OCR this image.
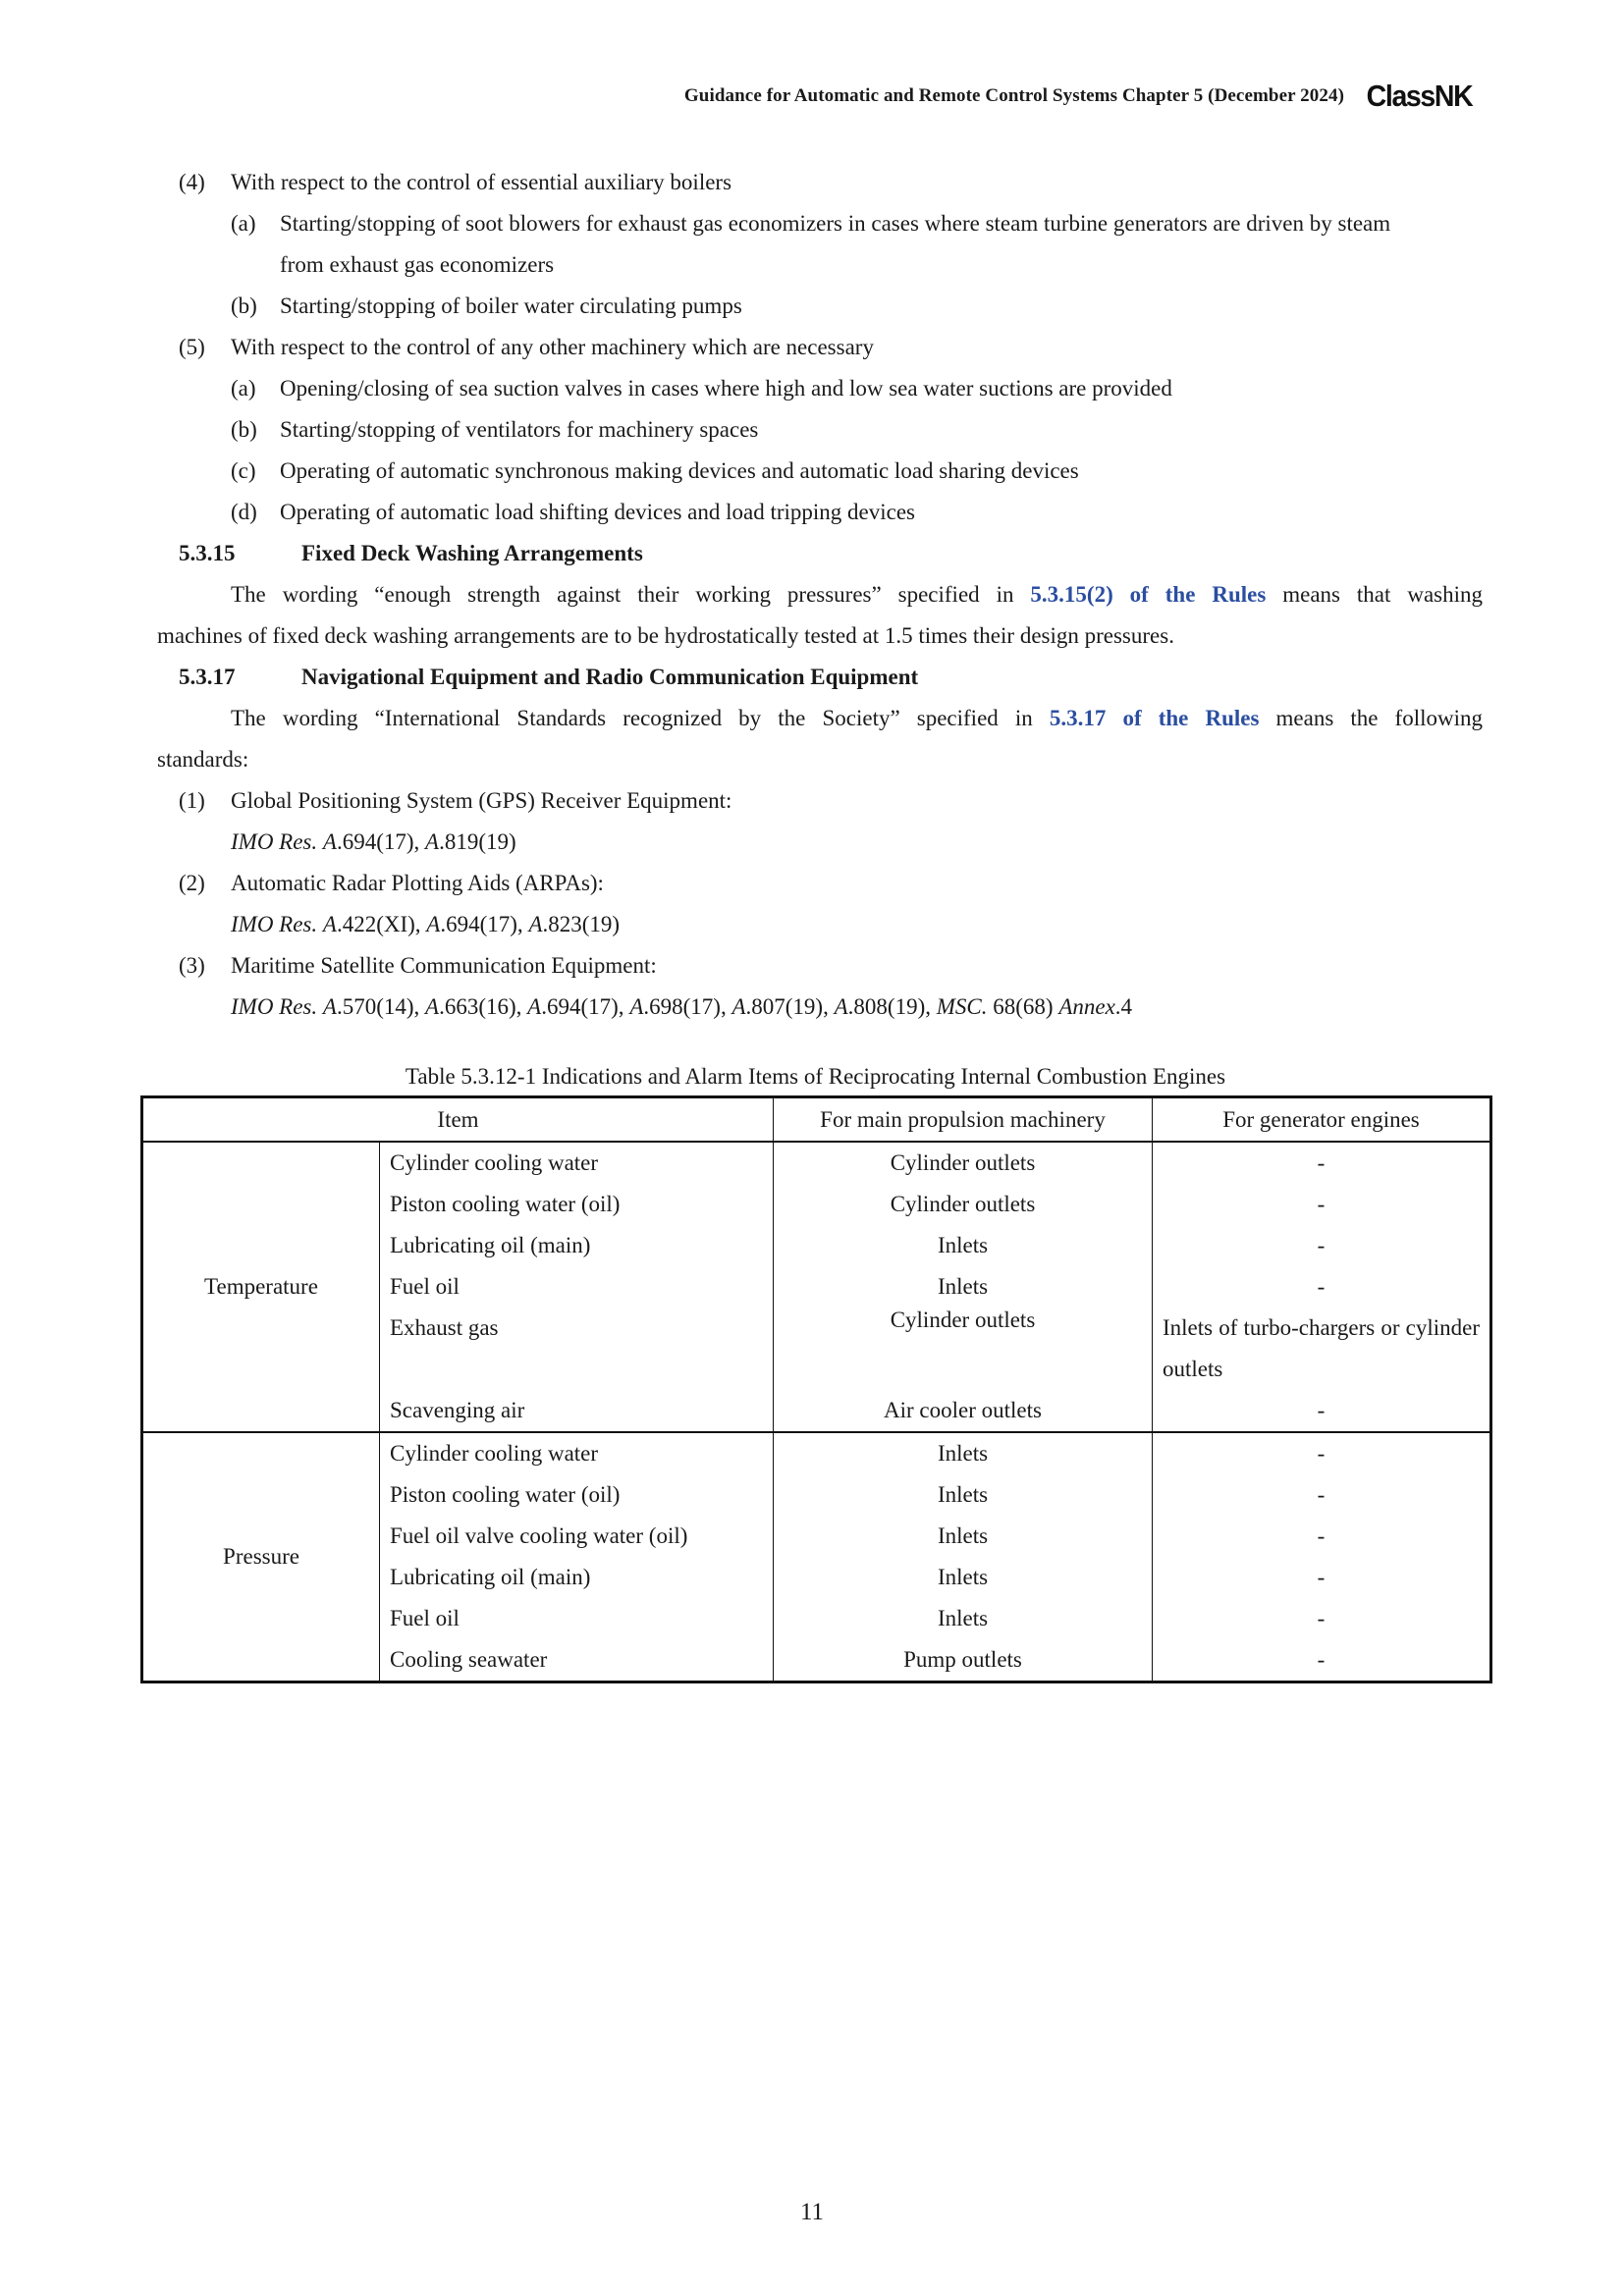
Guidance for Automatic and Remote Control Systems Chapter 5 (December 2024) ClassNK
(4) With respect to the control of essential auxiliary boilers
(a) Starting/stopping of soot blowers for exhaust gas economizers in cases where steam turbine generators are driven by steam
from exhaust gas economizers
(b) Starting/stopping of boiler water circulating pumps
(5) With respect to the control of any other machinery which are necessary
(a) Opening/closing of sea suction valves in cases where high and low sea water suctions are provided
(b) Starting/stopping of ventilators for machinery spaces
(c) Operating of automatic synchronous making devices and automatic load sharing devices
(d) Operating of automatic load shifting devices and load tripping devices
5.3.15	Fixed Deck Washing Arrangements
The wording “enough strength against their working pressures” specified in 5.3.15(2) of the Rules means that washing
machines of fixed deck washing arrangements are to be hydrostatically tested at 1.5 times their design pressures.
5.3.17	Navigational Equipment and Radio Communication Equipment
The wording “International Standards recognized by the Society” specified in 5.3.17 of the Rules means the following
standards:
(1) Global Positioning System (GPS) Receiver Equipment:
IMO Res. A.694(17), A.819(19)
(2) Automatic Radar Plotting Aids (ARPAs):
IMO Res. A.422(XI), A.694(17), A.823(19)
(3) Maritime Satellite Communication Equipment:
IMO Res. A.570(14), A.663(16), A.694(17), A.698(17), A.807(19), A.808(19), MSC. 68(68) Annex.4
Table 5.3.12-1 Indications and Alarm Items of Reciprocating Internal Combustion Engines
Item		For main propulsion machinery	For generator engines
Temperature	Cylinder cooling water	Cylinder outlets	-
	Piston cooling water (oil)	Cylinder outlets	-
	Lubricating oil (main)	Inlets	-
	Fuel oil	Inlets	-
	Exhaust gas	Cylinder outlets	Inlets of turbo-chargers or cylinder outlets
	Scavenging air	Air cooler outlets	-
Pressure	Cylinder cooling water	Inlets	-
	Piston cooling water (oil)	Inlets	-
	Fuel oil valve cooling water (oil)	Inlets	-
	Lubricating oil (main)	Inlets	-
	Fuel oil	Inlets	-
	Cooling seawater	Pump outlets	-
11
